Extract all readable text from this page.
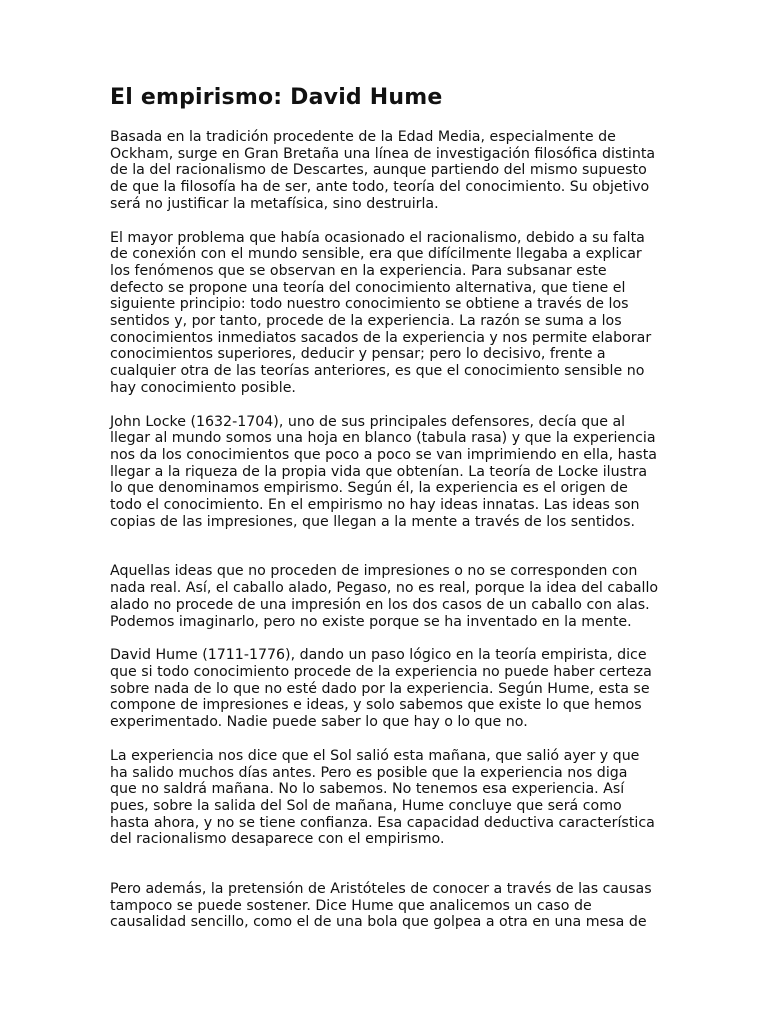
El empirismo: David Hume

Basada en la tradición procedente de la Edad Media, especialmente de
Ockham, surge en Gran Bretaña una línea de investigación filosófica distinta
de la del racionalismo de Descartes, aunque partiendo del mismo supuesto
de que la filosofía ha de ser, ante todo, teoría del conocimiento. Su objetivo
será no justificar la metafísica, sino destruirla.

El mayor problema que había ocasionado el racionalismo, debido a su falta
de conexión con el mundo sensible, era que difícilmente llegaba a explicar
los fenómenos que se observan en la experiencia. Para subsanar este
defecto se propone una teoría del conocimiento alternativa, que tiene el
siguiente principio: todo nuestro conocimiento se obtiene a través de los
sentidos y, por tanto, procede de la experiencia. La razón se suma a los
conocimientos inmediatos sacados de la experiencia y nos permite elaborar
conocimientos superiores, deducir y pensar; pero lo decisivo, frente a
cualquier otra de las teorías anteriores, es que el conocimiento sensible no
hay conocimiento posible.

John Locke (1632-1704), uno de sus principales defensores, decía que al
llegar al mundo somos una hoja en blanco (tabula rasa) y que la experiencia
nos da los conocimientos que poco a poco se van imprimiendo en ella, hasta
llegar a la riqueza de la propia vida que obtenían. La teoría de Locke ilustra
lo que denominamos empirismo. Según él, la experiencia es el origen de
todo el conocimiento. En el empirismo no hay ideas innatas. Las ideas son
copias de las impresiones, que llegan a la mente a través de los sentidos.

Aquellas ideas que no proceden de impresiones o no se corresponden con
nada real. Así, el caballo alado, Pegaso, no es real, porque la idea del caballo
alado no procede de una impresión en los dos casos de un caballo con alas.
Podemos imaginarlo, pero no existe porque se ha inventado en la mente.

David Hume (1711-1776), dando un paso lógico en la teoría empirista, dice
que si todo conocimiento procede de la experiencia no puede haber certeza
sobre nada de lo que no esté dado por la experiencia. Según Hume, esta se
compone de impresiones e ideas, y solo sabemos que existe lo que hemos
experimentado. Nadie puede saber lo que hay o lo que no.

La experiencia nos dice que el Sol salió esta mañana, que salió ayer y que
ha salido muchos días antes. Pero es posible que la experiencia nos diga
que no saldrá mañana. No lo sabemos. No tenemos esa experiencia. Así
pues, sobre la salida del Sol de mañana, Hume concluye que será como
hasta ahora, y no se tiene confianza. Esa capacidad deductiva característica
del racionalismo desaparece con el empirismo.

Pero además, la pretensión de Aristóteles de conocer a través de las causas
tampoco se puede sostener. Dice Hume que analicemos un caso de
causalidad sencillo, como el de una bola que golpea a otra en una mesa de
